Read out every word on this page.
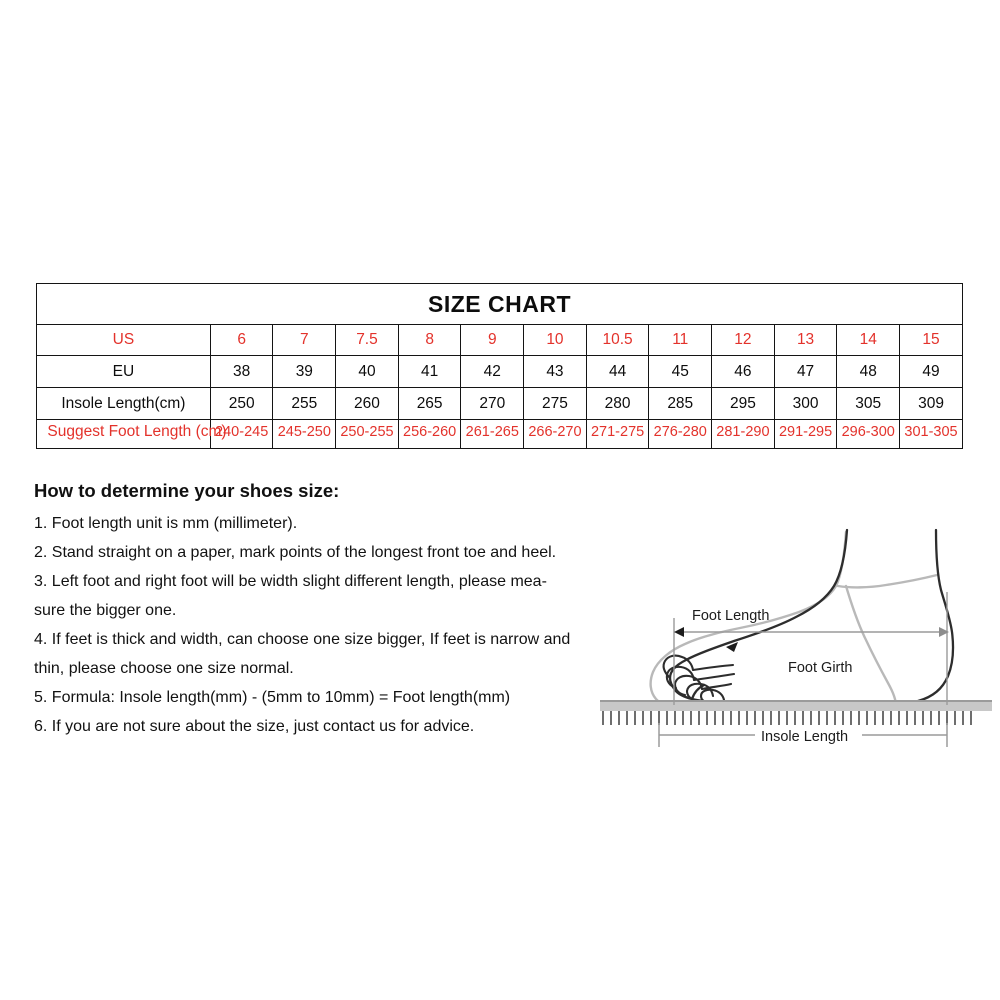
SIZE CHART												
US	6	7	7.5	8	9	10	10.5	11	12	13	14	15
EU	38	39	40	41	42	43	44	45	46	47	48	49
Insole Length(cm)	250	255	260	265	270	275	280	285	295	300	305	309
Suggest Foot Length (cm)	240-245	245-250	250-255	256-260	261-265	266-270	271-275	276-280	281-290	291-295	296-300	301-305
How to determine your shoes size:
1. Foot length unit is mm (millimeter).
2. Stand straight on a paper, mark points of the longest front toe and heel.
3. Left foot and right foot will be width slight different length, please mea-
sure the bigger one.
4. If feet is thick and width, can choose one size bigger, If feet is narrow and
thin, please choose one size normal.
5. Formula: Insole length(mm) - (5mm to 10mm) = Foot length(mm)
6. If you are not sure about the size, just contact us for advice.
Foot Length
Foot Girth
Insole Length
